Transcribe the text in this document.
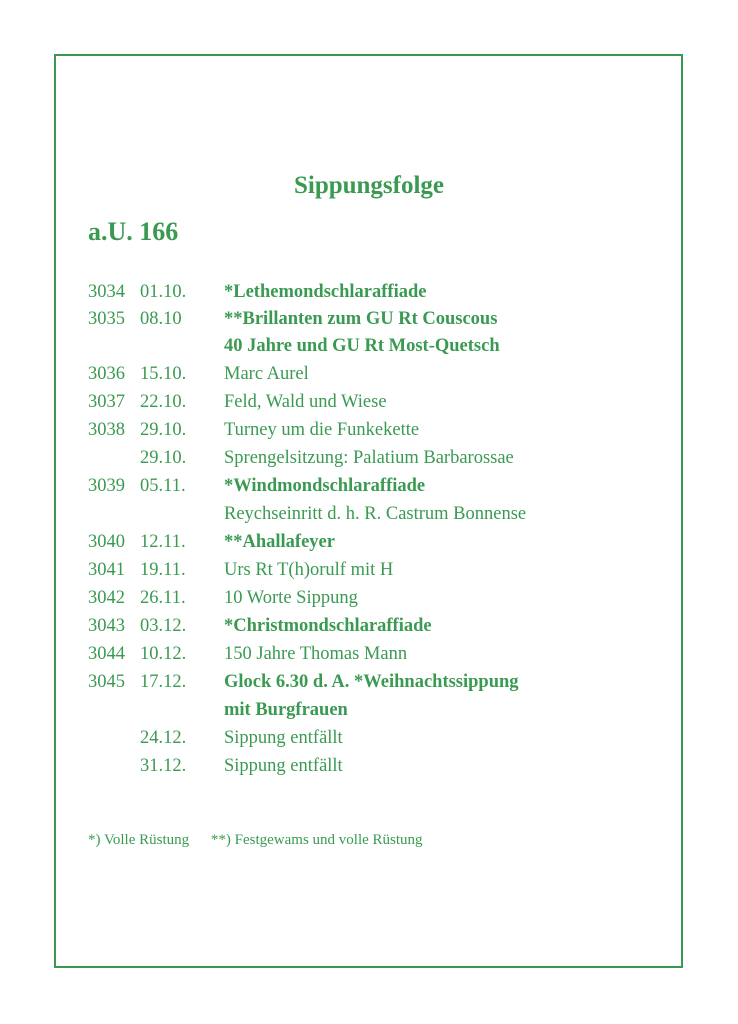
Sippungsfolge
a.U. 166
3034 01.10. *Lethemondschlaraffiade
3035 08.10 **Brillanten zum GU Rt Couscous
40 Jahre und GU Rt Most-Quetsch
3036 15.10. Marc Aurel
3037 22.10. Feld, Wald und Wiese
3038 29.10. Turney um die Funkekette
29.10. Sprengelsitzung: Palatium Barbarossae
3039 05.11. *Windmondschlaraffiade
Reychseinritt d. h. R. Castrum Bonnense
3040 12.11. **Ahallafeyer
3041 19.11. Urs Rt T(h)orulf mit H
3042 26.11. 10 Worte Sippung
3043 03.12. *Christmondschlaraffiade
3044 10.12. 150 Jahre Thomas Mann
3045 17.12. Glock 6.30 d. A. *Weihnachtssippung
mit Burgfrauen
24.12. Sippung entfällt
31.12. Sippung entfällt
*) Volle Rüstung **) Festgewams und volle Rüstung
